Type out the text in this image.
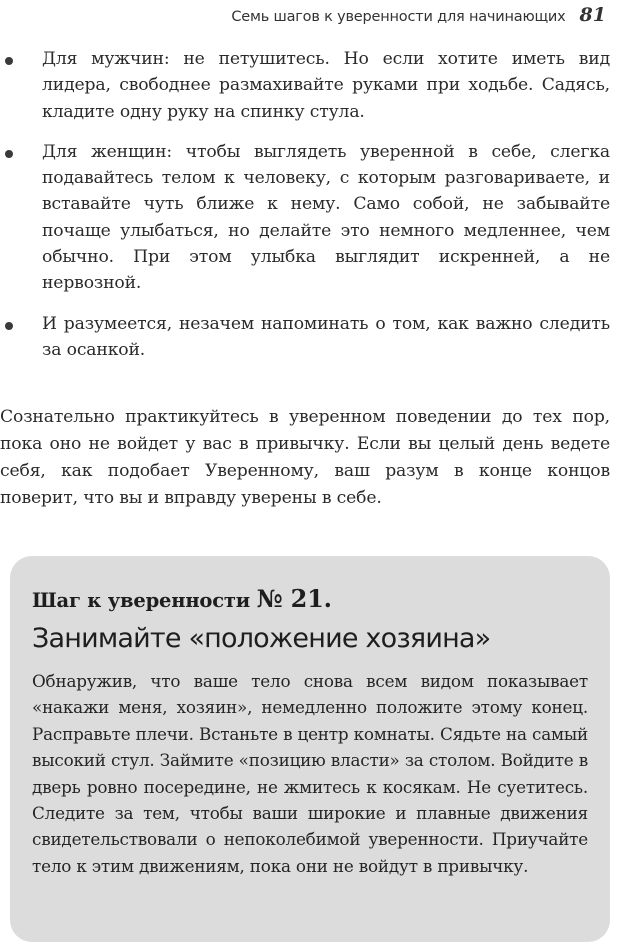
Семь шагов к уверенности для начинающих 81
Для мужчин: не петушитесь. Но если хотите иметь вид лидера, свободнее размахивайте руками при ходьбе. Садясь, кладите одну руку на спинку стула.
Для женщин: чтобы выглядеть уверенной в себе, слегка подавайтесь телом к человеку, с которым разговариваете, и вставайте чуть ближе к нему. Само собой, не забывайте почаще улыбаться, но делайте это немного медленнее, чем обычно. При этом улыбка выглядит искренней, а не нервозной.
И разумеется, незачем напоминать о том, как важно следить за осанкой.

Сознательно практикуйтесь в уверенном поведении до тех пор, пока оно не войдет у вас в привычку. Если вы целый день ведете себя, как подобает Уверенному, ваш разум в конце концов поверит, что вы и вправду уверены в себе.

Шаг к уверенности № 21.
Занимайте «положение хозяина»

Обнаружив, что ваше тело снова всем видом показывает «накажи меня, хозяин», немедленно положите этому конец. Расправьте плечи. Встаньте в центр комнаты. Сядьте на самый высокий стул. Займите «позицию власти» за столом. Войдите в дверь ровно посередине, не жмитесь к косякам. Не суетитесь. Следите за тем, чтобы ваши широкие и плавные движения свидетельствовали о непоколебимой уверенности. Приучайте тело к этим движениям, пока они не войдут в привычку.
